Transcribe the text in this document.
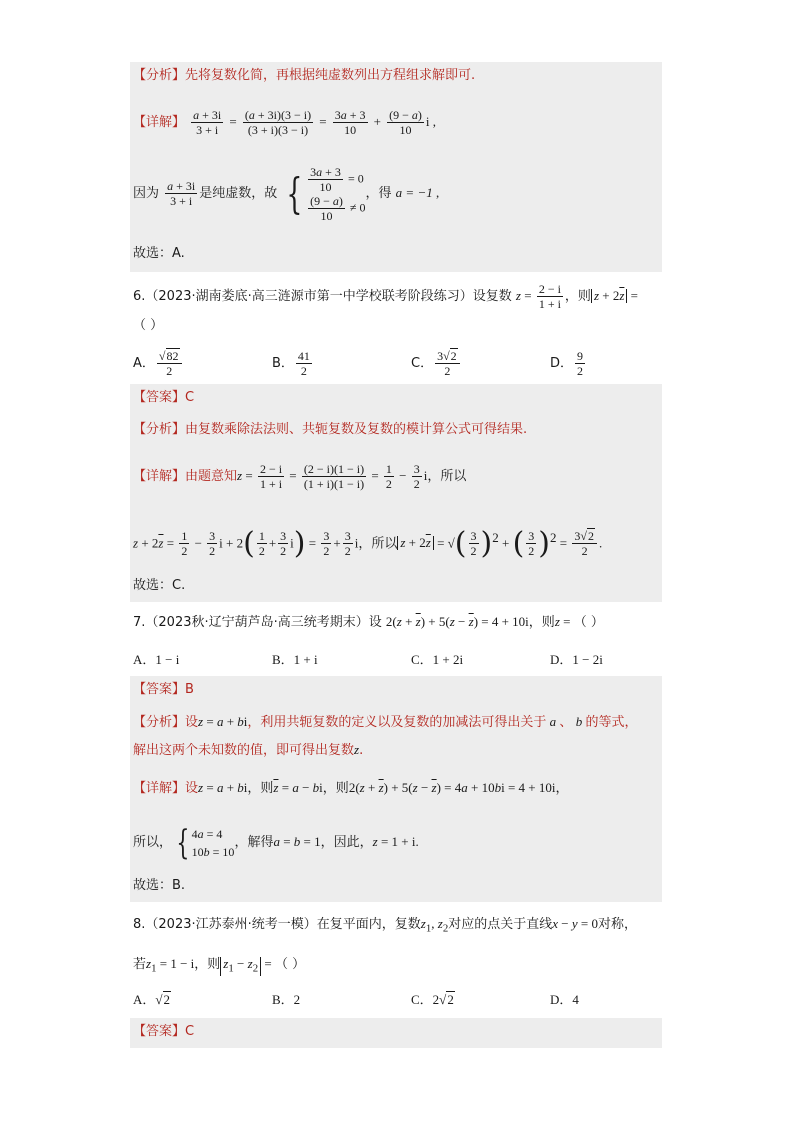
【分析】先将复数化简，再根据纯虚数列出方程组求解即可.
【详解】 $\frac{a + 3i}{3 + i} = \frac{(a + 3i)(3 - i)}{(3 + i)(3 - i)} = \frac{3a + 3}{10} + \frac{(9 - a)}{10}$ i ,
因为 $\frac{a + 3i}{3 + i}$ 是纯虚数，故 { $\frac{3a + 3}{10} = 0$
$\frac{(9 - a)}{10} \ne 0$
，得 a = −1 ,
故选：A.
6.（2023·湖南娄底·高三涟源市第一中学校联考阶段练习）设复数 $z = \frac{2 - i}{1 + i}$ ，则 $z + 2\overline{z}$ =
（ ）
A． $\frac{√82}{2}$	B． $\frac{41}{2}$	C． $\frac{3√2}{2}$	D． $\frac{9}{2}$
【答案】C
【分析】由复数乘除法法则、共轭复数及复数的模计算公式可得结果.
【详解】由题意知$z = \frac{2 - i}{1 + i} = \frac{(2 - i)(1 - i)}{(1 + i)(1 - i)} = \frac{1}{2} - \frac{3}{2}$ i，所以
$z + 2\overline{z} = \frac{1}{2} - \frac{3}{2}$ $i + 2( \frac{1}{2} + \frac{3}{2} i) = \frac{3}{2} + \frac{3}{2}$ i，所以 $z + 2\overline{z}$ = √( $\frac{3}{2} )^2$ + ( $\frac{3}{2} )^2 = \frac{3√2}{2}$ .
故选：C.
7.（2023秋·辽宁葫芦岛·高三统考期末）设 $2(z + \overline{z}) + 5(z - \overline{z}) = 4 + 10i$，则z = （ ）
A．1 − i	B．1 + i	C．1 + 2i	D．1 − 2i
【答案】B
【分析】设z = a + bi，利用共轭复数的定义以及复数的加减法可得出关于 a 、 b 的等式，
解出这两个未知数的值，即可得出复数z.
【详解】设z = a + bi，则$\overline{z} = a$ − bi，则$2(z + \overline{z}) + 5(z - \overline{z}) = 4a + 10bi = 4 + 10i$，
所以， { 4a = 4
10b = 10
，解得a = b = 1，因此，z = 1 + i.
故选：B.
8.（2023·江苏泰州·统考一模）在复平面内，复数$z_1$, $z_2$对应的点关于直线x − y = 0对称，
若$z_1 = 1 - i$，则 $z_1 - z_2$ = （ ）
A．√2	B．2	C．2√2	D．4
【答案】C
